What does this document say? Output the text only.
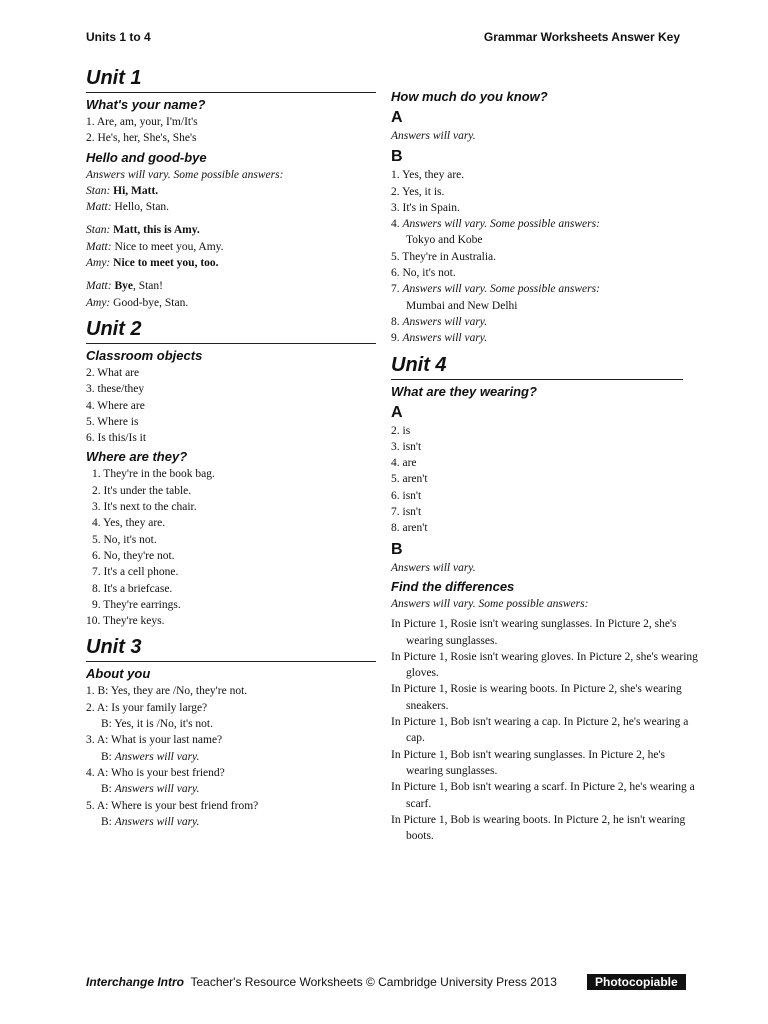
Units 1 to 4	Grammar Worksheets Answer Key
Unit 1
What's your name?
1. Are, am, your, I'm/It's
2. He's, her, She's, She's
Hello and good-bye
Answers will vary. Some possible answers:
Stan: Hi, Matt.
Matt: Hello, Stan.
Stan: Matt, this is Amy.
Matt: Nice to meet you, Amy.
Amy: Nice to meet you, too.
Matt: Bye, Stan!
Amy: Good-bye, Stan.
Unit 2
Classroom objects
2. What are
3. these/they
4. Where are
5. Where is
6. Is this/Is it
Where are they?
1. They're in the book bag.
2. It's under the table.
3. It's next to the chair.
4. Yes, they are.
5. No, it's not.
6. No, they're not.
7. It's a cell phone.
8. It's a briefcase.
9. They're earrings.
10. They're keys.
Unit 3
About you
1. B: Yes, they are /No, they're not.
2. A: Is your family large?
B: Yes, it is /No, it's not.
3. A: What is your last name?
B: Answers will vary.
4. A: Who is your best friend?
B: Answers will vary.
5. A: Where is your best friend from?
B: Answers will vary.
How much do you know?
A
Answers will vary.
B
1. Yes, they are.
2. Yes, it is.
3. It's in Spain.
4. Answers will vary. Some possible answers:
Tokyo and Kobe
5. They're in Australia.
6. No, it's not.
7. Answers will vary. Some possible answers:
Mumbai and New Delhi
8. Answers will vary.
9. Answers will vary.
Unit 4
What are they wearing?
A
2. is
3. isn't
4. are
5. aren't
6. isn't
7. isn't
8. aren't
B
Answers will vary.
Find the differences
Answers will vary. Some possible answers:
In Picture 1, Rosie isn't wearing sunglasses. In Picture 2, she's wearing sunglasses.
In Picture 1, Rosie isn't wearing gloves. In Picture 2, she's wearing gloves.
In Picture 1, Rosie is wearing boots. In Picture 2, she's wearing sneakers.
In Picture 1, Bob isn't wearing a cap. In Picture 2, he's wearing a cap.
In Picture 1, Bob isn't wearing sunglasses. In Picture 2, he's wearing sunglasses.
In Picture 1, Bob isn't wearing a scarf. In Picture 2, he's wearing a scarf.
In Picture 1, Bob is wearing boots. In Picture 2, he isn't wearing boots.
Interchange Intro Teacher's Resource Worksheets © Cambridge University Press 2013	Photocopiable
